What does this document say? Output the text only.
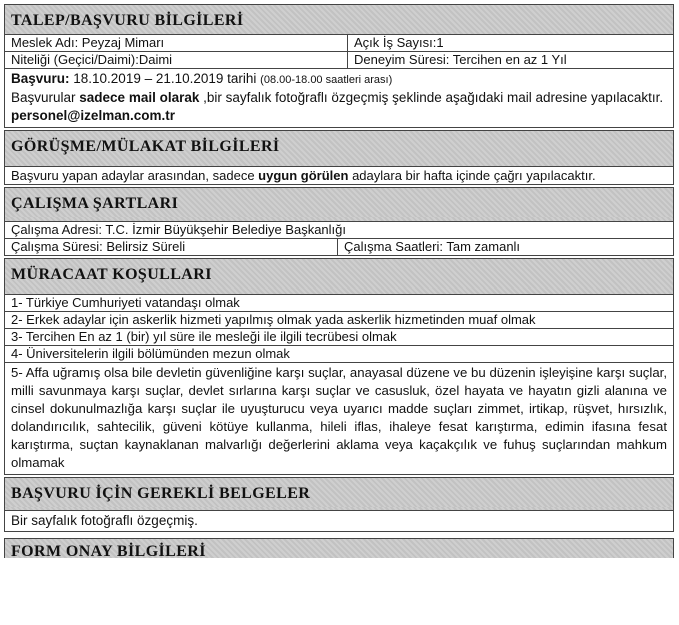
TALEP/BAŞVURU BİLGİLERİ
Meslek Adı: Peyzaj Mimarı	Açık İş Sayısı:1
Niteliği (Geçici/Daimi):Daimi	Deneyim Süresi: Tercihen en az 1 Yıl
Başvuru: 18.10.2019 – 21.10.2019 tarihi (08.00-18.00 saatleri arası)
Başvurular sadece mail olarak ,bir sayfalık fotoğraflı özgeçmiş şeklinde aşağıdaki mail adresine yapılacaktır.
personel@izelman.com.tr
GÖRÜŞME/MÜLAKAT BİLGİLERİ
Başvuru yapan adaylar arasından, sadece uygun görülen adaylara bir hafta içinde çağrı yapılacaktır.
ÇALIŞMA ŞARTLARI
Çalışma Adresi: T.C. İzmir Büyükşehir Belediye Başkanlığı
Çalışma Süresi: Belirsiz Süreli	Çalışma Saatleri: Tam zamanlı
MÜRACAAT KOŞULLARI
1- Türkiye Cumhuriyeti vatandaşı olmak
2- Erkek adaylar için askerlik hizmeti yapılmış olmak yada askerlik hizmetinden muaf olmak
3- Tercihen En az 1 (bir) yıl süre ile mesleği ile ilgili tecrübesi olmak
4- Üniversitelerin ilgili bölümünden mezun olmak
5- Affa uğramış olsa bile devletin güvenliğine karşı suçlar, anayasal düzene ve bu düzenin işleyişine karşı suçlar, milli savunmaya karşı suçlar, devlet sırlarına karşı suçlar ve casusluk, özel hayata ve hayatın gizli alanına ve cinsel dokunulmazlığa karşı suçlar ile uyuşturucu veya uyarıcı madde suçları zimmet, irtikap, rüşvet, hırsızlık, dolandırıcılık, sahtecilik, güveni kötüye kullanma, hileli iflas, ihaleye fesat karıştırma, edimin ifasına fesat karıştırma, suçtan kaynaklanan malvarlığı değerlerini aklama veya kaçakçılık ve fuhuş suçlarından mahkum olmamak
BAŞVURU İÇİN GEREKLİ BELGELER
Bir sayfalık fotoğraflı özgeçmiş.
FORM ONAY BİLGİLERİ
